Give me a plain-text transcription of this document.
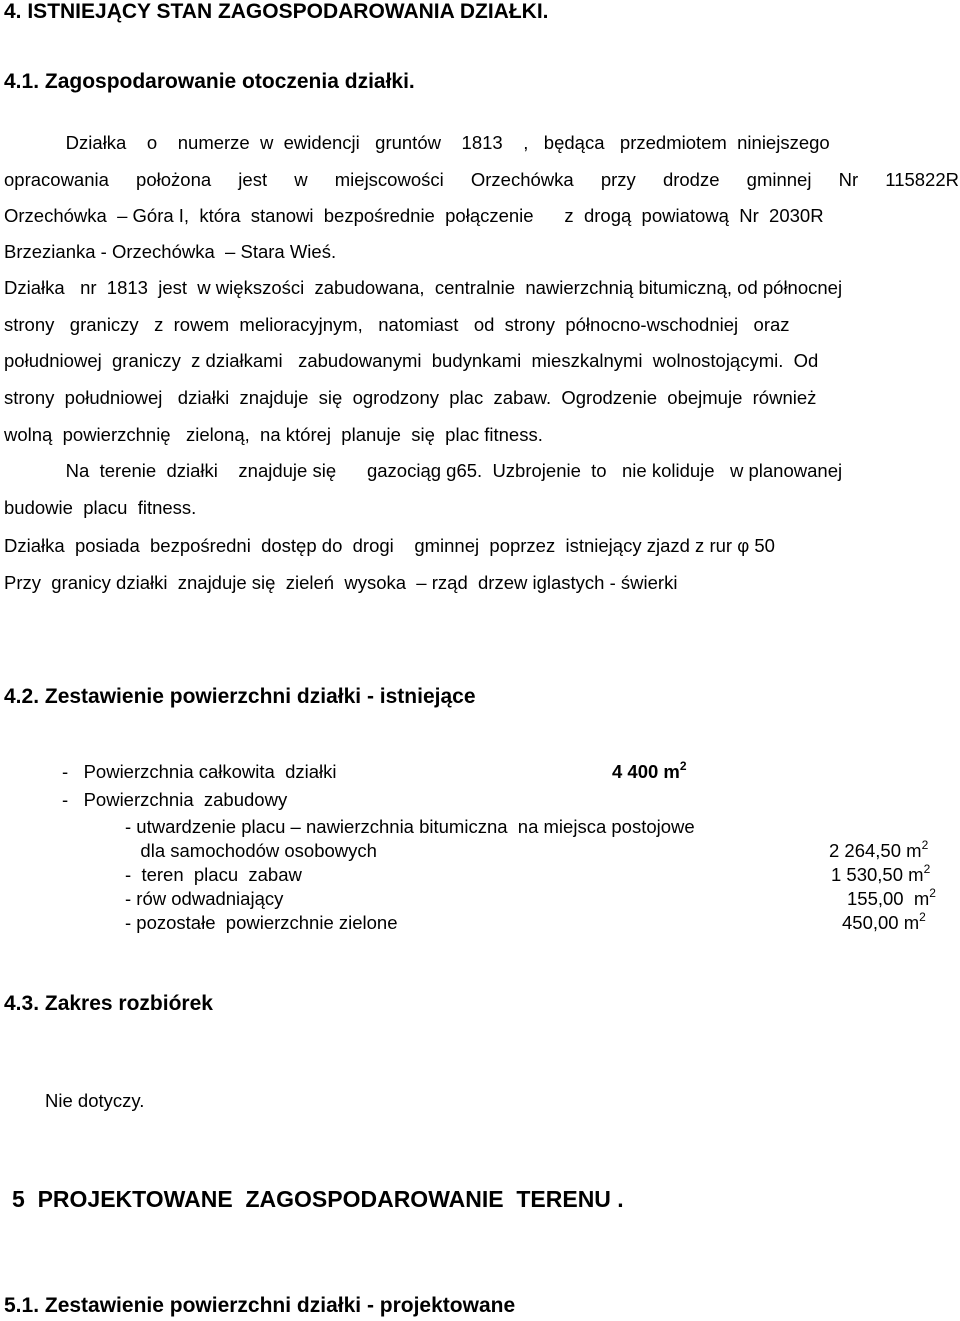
4. ISTNIEJĄCY STAN ZAGOSPODAROWANIA DZIAŁKI.
4.1. Zagospodarowanie otoczenia działki.
Działka    o    numerze  w  ewidencji   gruntów    1813    ,   będąca   przedmiotem  niniejszego
opracowania położona jest w miejscowości Orzechówka przy drodze gminnej Nr 115822R
Orzechówka  – Góra I,  która  stanowi  bezpośrednie  połączenie      z  drogą  powiatową  Nr  2030R
Brzezianka - Orzechówka  – Stara Wieś.
Działka   nr  1813  jest  w większości  zabudowana,  centralnie  nawierzchnią bitumiczną, od północnej
strony   graniczy   z  rowem  melioracyjnym,   natomiast   od  strony  północno-wschodniej   oraz
południowej  graniczy  z działkami   zabudowanymi  budynkami  mieszkalnymi  wolnostojącymi.  Od
strony  południowej   działki  znajduje  się  ogrodzony  plac  zabaw.  Ogrodzenie  obejmuje  również
wolną  powierzchnię   zieloną,  na której  planuje  się  plac fitness.
Na  terenie  działki    znajduje się      gazociąg g65.  Uzbrojenie  to   nie koliduje   w planowanej
budowie  placu  fitness.
Działka  posiada  bezpośredni  dostęp do  drogi    gminnej  poprzez  istniejący zjazd z rur φ 50
Przy  granicy działki  znajduje się  zieleń  wysoka  – rząd  drzew iglastych - świerki
4.2. Zestawienie powierzchni działki - istniejące
-   Powierzchnia całkowita  działki	4 400 $m^2$
-   Powierzchnia  zabudowy
- utwardzenie placu – nawierzchnia bitumiczna  na miejsca postojowe
dla samochodów osobowych	2 264,50 $m^2$
-  teren  placu  zabaw	1 530,50 $m^2$
- rów odwadniający	155,00  $m^2$
- pozostałe  powierzchnie zielone	450,00 $m^2$
4.3. Zakres rozbiórek
Nie dotyczy.
5  PROJEKTOWANE  ZAGOSPODAROWANIE  TERENU .
5.1. Zestawienie powierzchni działki - projektowane
